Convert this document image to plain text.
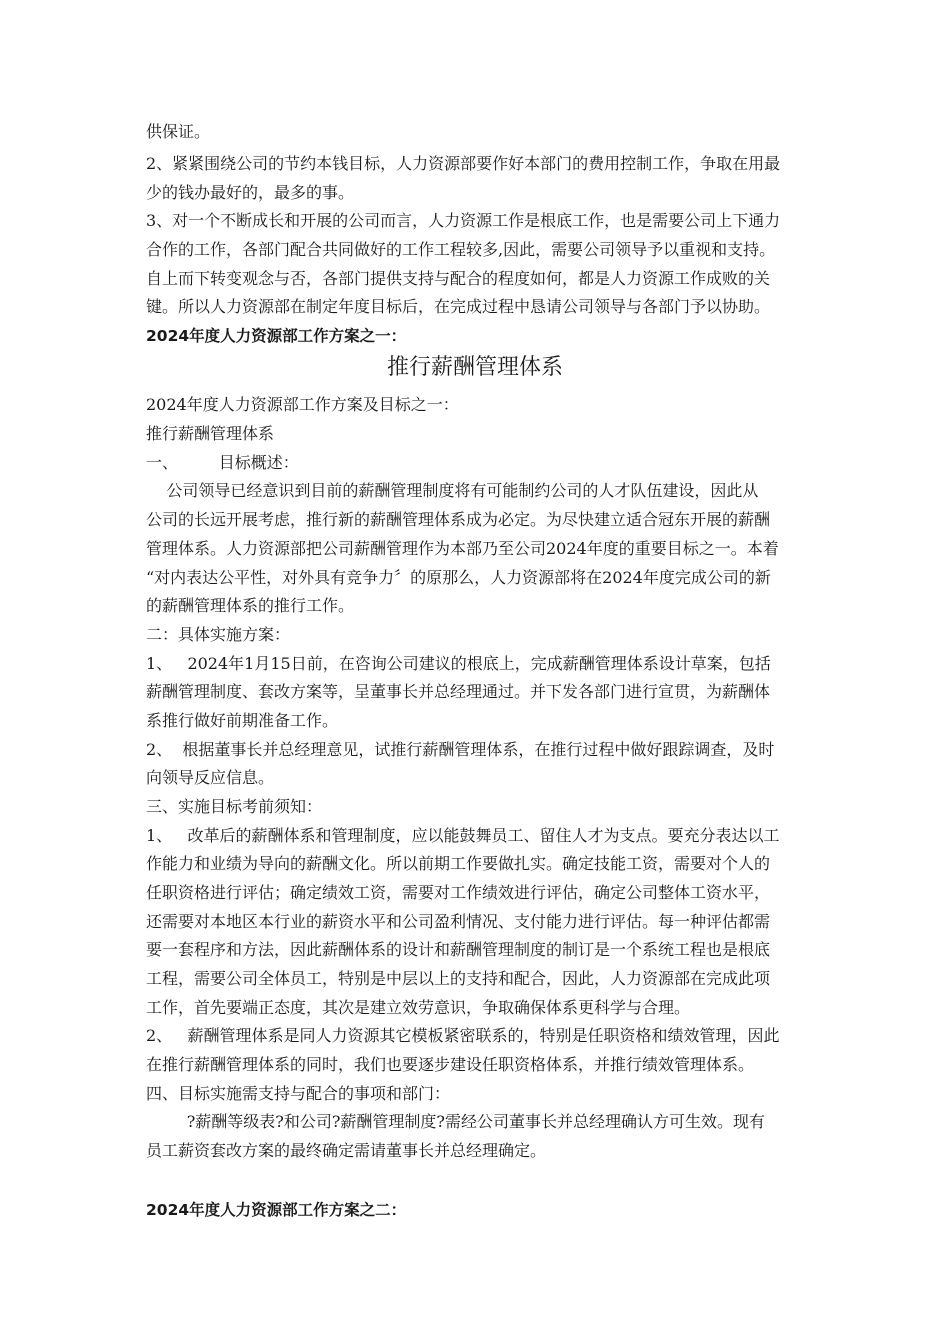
供保证。
2、紧紧围绕公司的节约本钱目标，人力资源部要作好本部门的费用控制工作，争取在用最
少的钱办最好的，最多的事。
3、对一个不断成长和开展的公司而言，人力资源工作是根底工作，也是需要公司上下通力
合作的工作，各部门配合共同做好的工作工程较多,因此，需要公司领导予以重视和支持。
自上而下转变观念与否，各部门提供支持与配合的程度如何，都是人力资源工作成败的关
键。所以人力资源部在制定年度目标后，在完成过程中恳请公司领导与各部门予以协助。
2024年度人力资源部工作方案之一：
推行薪酬管理体系
2024年度人力资源部工作方案及目标之一：
推行薪酬管理体系
一、        目标概述：
公司领导已经意识到目前的薪酬管理制度将有可能制约公司的人才队伍建设，因此从
公司的长远开展考虑，推行新的薪酬管理体系成为必定。为尽快建立适合冠东开展的薪酬
管理体系。人力资源部把公司薪酬管理作为本部乃至公司2024年度的重要目标之一。本着
“对内表达公平性，对外具有竞争力〞的原那么，人力资源部将在2024年度完成公司的新
的薪酬管理体系的推行工作。
二：具体实施方案：
1、   2024年1月15日前，在咨询公司建议的根底上，完成薪酬管理体系设计草案，包括
薪酬管理制度、套改方案等，呈董事长并总经理通过。并下发各部门进行宣贯，为薪酬体
系推行做好前期准备工作。
2、  根据董事长并总经理意见，试推行薪酬管理体系，在推行过程中做好跟踪调查，及时
向领导反应信息。
三、实施目标考前须知：
1、   改革后的薪酬体系和管理制度，应以能鼓舞员工、留住人才为支点。要充分表达以工
作能力和业绩为导向的薪酬文化。所以前期工作要做扎实。确定技能工资，需要对个人的
任职资格进行评估；确定绩效工资，需要对工作绩效进行评估，确定公司整体工资水平，
还需要对本地区本行业的薪资水平和公司盈利情况、支付能力进行评估。每一种评估都需
要一套程序和方法，因此薪酬体系的设计和薪酬管理制度的制订是一个系统工程也是根底
工程，需要公司全体员工，特别是中层以上的支持和配合，因此，人力资源部在完成此项
工作，首先要端正态度，其次是建立效劳意识，争取确保体系更科学与合理。
2、   薪酬管理体系是同人力资源其它模板紧密联系的，特别是任职资格和绩效管理，因此
在推行薪酬管理体系的同时，我们也要逐步建设任职资格体系，并推行绩效管理体系。
四、目标实施需支持与配合的事项和部门：
?薪酬等级表?和公司?薪酬管理制度?需经公司董事长并总经理确认方可生效。现有
员工薪资套改方案的最终确定需请董事长并总经理确定。
2024年度人力资源部工作方案之二：
